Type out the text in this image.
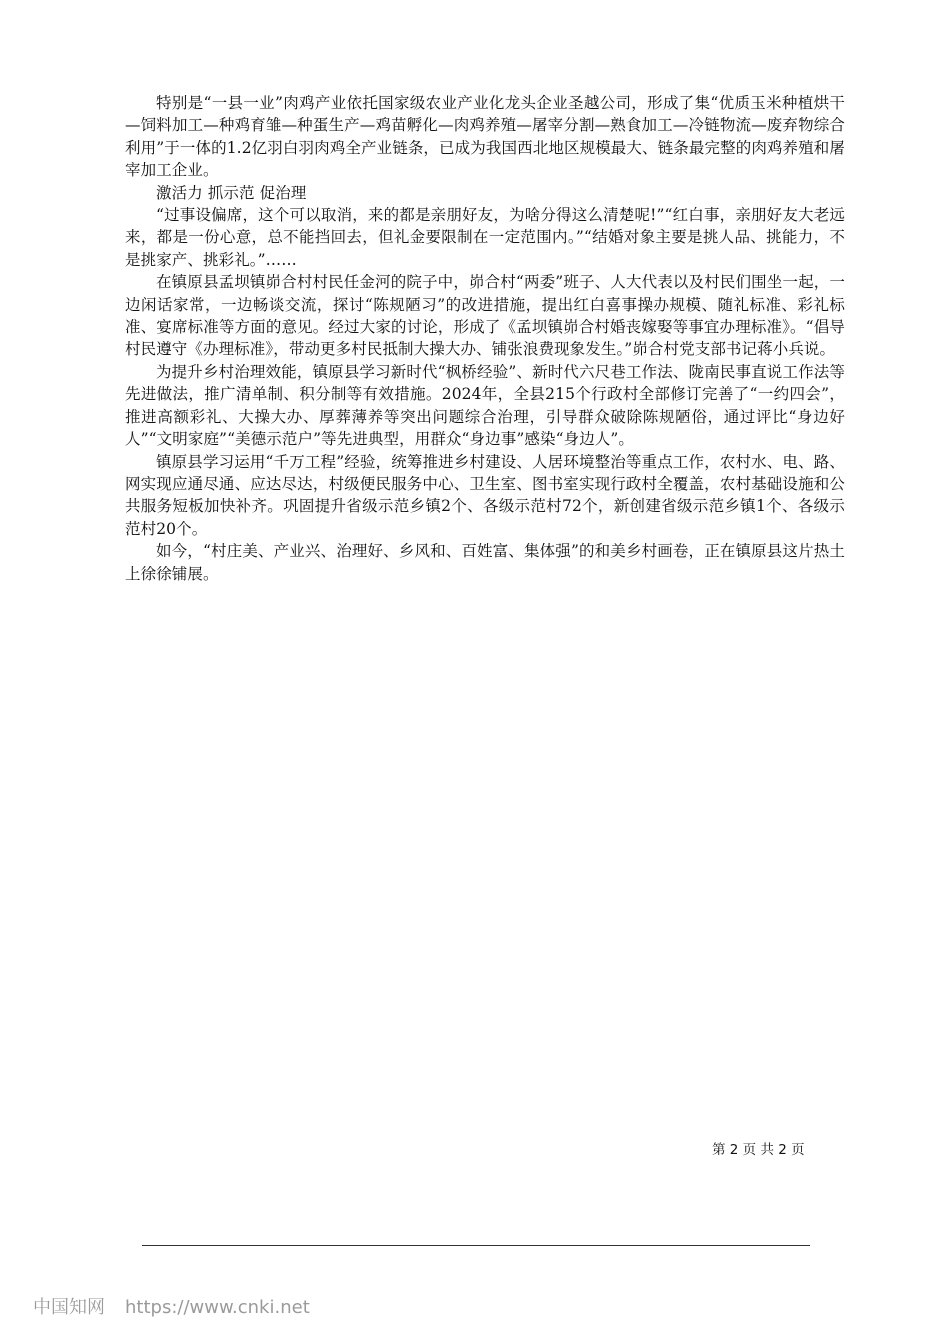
特别是“一县一业”肉鸡产业依托国家级农业产业化龙头企业圣越公司，形成了集“优质玉米种植烘干—饲料加工—种鸡育雏—种蛋生产—鸡苗孵化—肉鸡养殖—屠宰分割—熟食加工—冷链物流—废弃物综合利用”于一体的1.2亿羽白羽肉鸡全产业链条，已成为我国西北地区规模最大、链条最完整的肉鸡养殖和屠宰加工企业。

激活力 抓示范 促治理

“过事设偏席，这个可以取消，来的都是亲朋好友，为啥分得这么清楚呢!”“红白事，亲朋好友大老远来，都是一份心意，总不能挡回去，但礼金要限制在一定范围内。”“结婚对象主要是挑人品、挑能力，不是挑家产、挑彩礼。”……

在镇原县孟坝镇峁合村村民任金河的院子中，峁合村“两委”班子、人大代表以及村民们围坐一起，一边闲话家常，一边畅谈交流，探讨“陈规陋习”的改进措施，提出红白喜事操办规模、随礼标准、彩礼标准、宴席标准等方面的意见。经过大家的讨论，形成了《孟坝镇峁合村婚丧嫁娶等事宜办理标准》。“倡导村民遵守《办理标准》，带动更多村民抵制大操大办、铺张浪费现象发生。”峁合村党支部书记蒋小兵说。

为提升乡村治理效能，镇原县学习新时代“枫桥经验”、新时代六尺巷工作法、陇南民事直说工作法等先进做法，推广清单制、积分制等有效措施。2024年，全县215个行政村全部修订完善了“一约四会”，推进高额彩礼、大操大办、厚葬薄养等突出问题综合治理，引导群众破除陈规陋俗，通过评比“身边好人”“文明家庭”“美德示范户”等先进典型，用群众“身边事”感染“身边人”。

镇原县学习运用“千万工程”经验，统筹推进乡村建设、人居环境整治等重点工作，农村水、电、路、网实现应通尽通、应达尽达，村级便民服务中心、卫生室、图书室实现行政村全覆盖，农村基础设施和公共服务短板加快补齐。巩固提升省级示范乡镇2个、各级示范村72个，新创建省级示范乡镇1个、各级示范村20个。

如今，“村庄美、产业兴、治理好、乡风和、百姓富、集体强”的和美乡村画卷，正在镇原县这片热土上徐徐铺展。

第 2 页 共 2 页
中国知网 https://www.cnki.net
